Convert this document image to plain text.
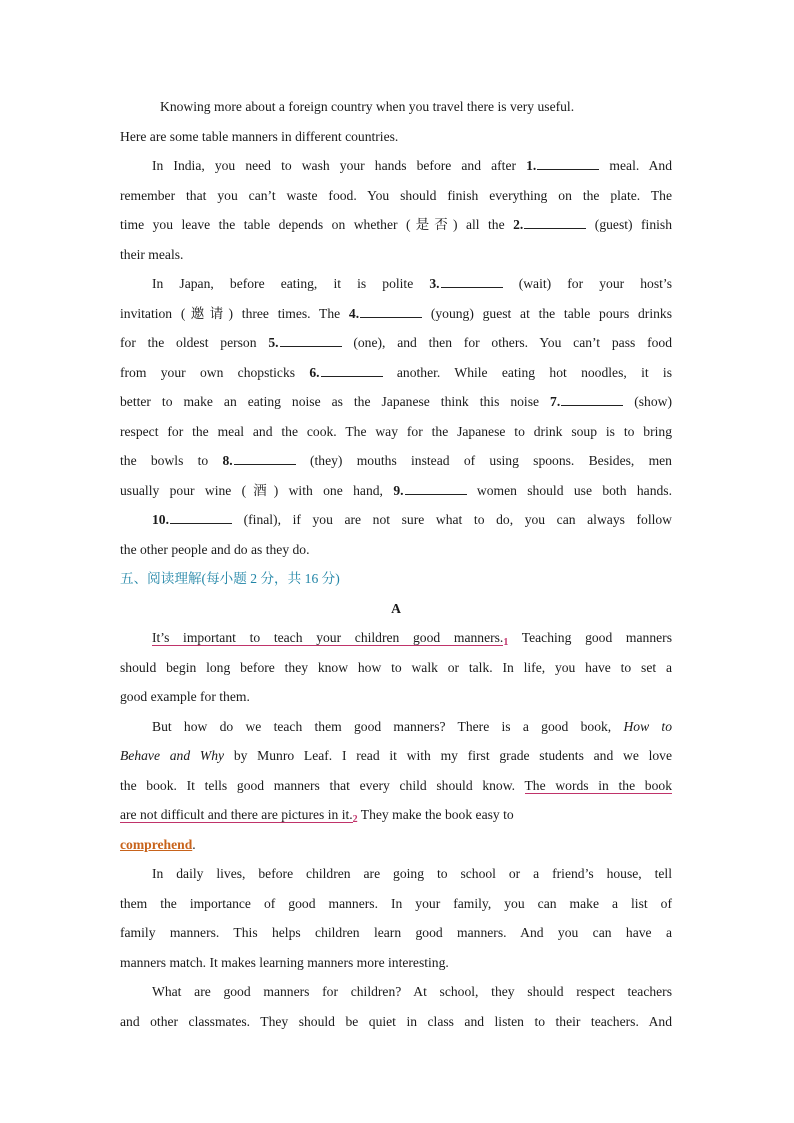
Knowing more about a foreign country when you travel there is very useful.
Here are some table manners in different countries.
In India, you need to wash your hands before and after 1.	meal. And
remember that you can’t waste food. You should finish everything on the plate. The
time you leave the table depends on whether (是否) all the 2.	(guest) finish
their meals.
In Japan, before eating, it is polite 3.	(wait) for your host’s
invitation (邀请) three times. The 4.	(young) guest at the table pours drinks
for the oldest person 5.	(one), and then for others. You can’t pass food
from your own chopsticks 6.	another. While eating hot noodles, it is
better to make an eating noise as the Japanese think this noise 7.	(show)
respect for the meal and the cook. The way for the Japanese to drink soup is to bring
the bowls to 8.	(they) mouths instead of using spoons. Besides, men
usually pour wine (酒) with one hand, 9.	women should use both hands.
10.	(final), if you are not sure what to do, you can always follow
the other people and do as they do.
五、阅读理解(每小题 2 分，共 16 分)
A
It’s important to teach your children good $manners._1$ Teaching good manners
should begin long before they know how to walk or talk. In life, you have to set a
good example for them.
But how do we teach them good manners? There is a good book, How to
Behave and Why by Munro Leaf. I read it with my first grade students and we love
the book. It tells good manners that every child should know. The words in the book
are not difficult and there are pictures in $it._2$ They make the book easy to
comprehend.
In daily lives, before children are going to school or a friend’s house, tell
them the importance of good manners. In your family, you can make a list of
family manners. This helps children learn good manners. And you can have a
manners match. It makes learning manners more interesting.
What are good manners for children? At school, they should respect teachers
and other classmates. They should be quiet in class and listen to their teachers. And
